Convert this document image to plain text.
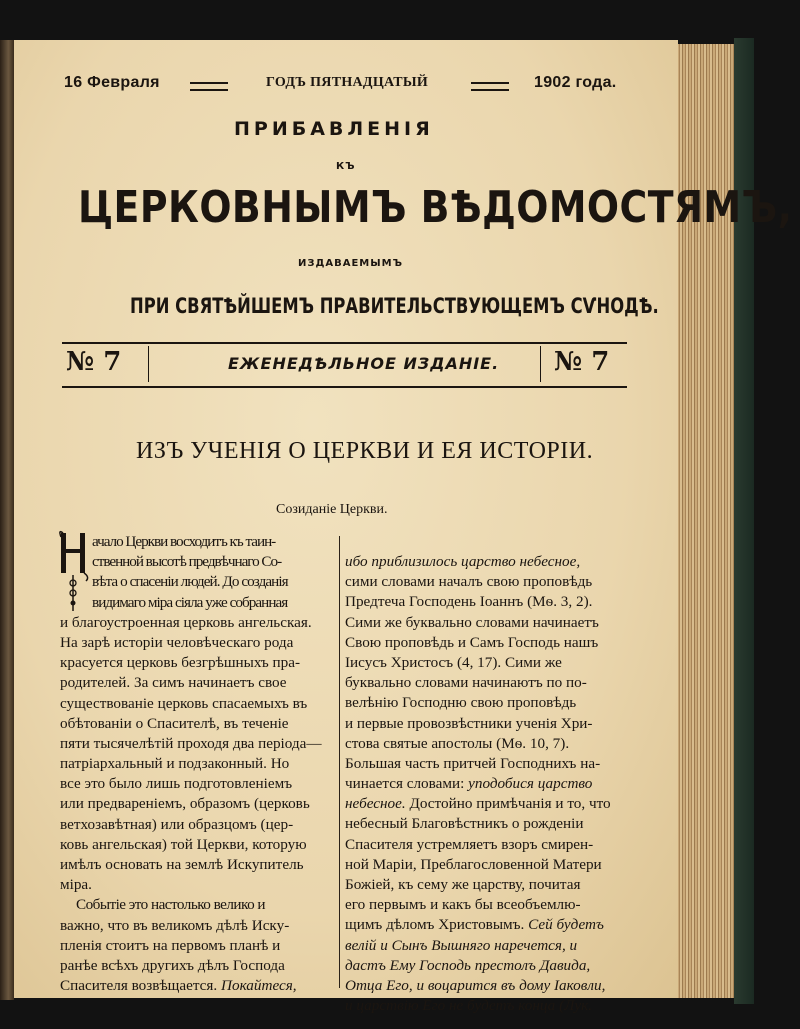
16 Февраля	ГОДЪ ПЯТНАДЦАТЫЙ	1902 года.
ПРИБАВЛЕНІЯ
КЪ
ЦЕРКОВНЫМЪ ВѢДОМОСТЯМЪ,
ИЗДАВАЕМЫМЪ
ПРИ СВЯТѢЙШЕМЪ ПРАВИТЕЛЬСТВУЮЩЕМЪ СѴНОДѢ.
№ 7	ЕЖЕНЕДѢЛЬНОЕ ИЗДАНІЕ. № 7
ИЗЪ УЧЕНІЯ О ЦЕРКВИ И ЕЯ ИСТОРІИ.
Созиданіе Церкви.
ачало Церкви восходитъ къ таин-
ственной высотѣ предвѣчнаго Со-
вѣта о спасеніи людей. До созданія
видимаго міра сіяла уже собранная
и благоустроенная церковь ангельская.
На зарѣ исторіи человѣческаго рода
красуется церковь безгрѣшныхъ пра-
родителей. За симъ начинаетъ свое
существованіе церковь спасаемыхъ въ
обѣтованіи о Спасителѣ, въ теченіе
пяти тысячелѣтій проходя два періода—
патріархальный и подзаконный. Но
все это было лишь подготовленіемъ
или предвареніемъ, образомъ (церковь
ветхозавѣтная) или образцомъ (цер-
ковь ангельская) той Церкви, которую
имѣлъ основать на землѣ Искупитель
міра.
Событіе это настолько велико и
важно, что въ великомъ дѣлѣ Иску-
пленія стоитъ на первомъ планѣ и
ранѣе всѣхъ другихъ дѣлъ Господа
Спасителя возвѣщается. Покайтеся,
ибо приблизилось царство небесное,
сими словами началъ свою проповѣдь
Предтеча Господень Іоаннъ (Мѳ. 3, 2).
Сими же буквально словами начинаетъ
Свою проповѣдь и Самъ Господь нашъ
Іисусъ Христосъ (4, 17). Сими же
буквально словами начинаютъ по по-
велѣнію Господню свою проповѣдь
и первые провозвѣстники ученія Хри-
стова святые апостолы (Мѳ. 10, 7).
Большая часть притчей Господнихъ на-
чинается словами: уподобися царство
небесное. Достойно примѣчанія и то, что
небесный Благовѣстникъ о рожденіи
Спасителя устремляетъ взоръ смирен-
ной Маріи, Преблагословенной Матери
Божіей, къ сему же царству, почитая
его первымъ и какъ бы всеобъемлю-
щимъ дѣломъ Христовымъ. Сей будетъ
велій и Сынъ Вышняго наречется, и
дастъ Ему Господь престолъ Давида,
Отца Его, и воцарится въ дому Іаковли,
и царствію Его не будетъ конца (Лук.
